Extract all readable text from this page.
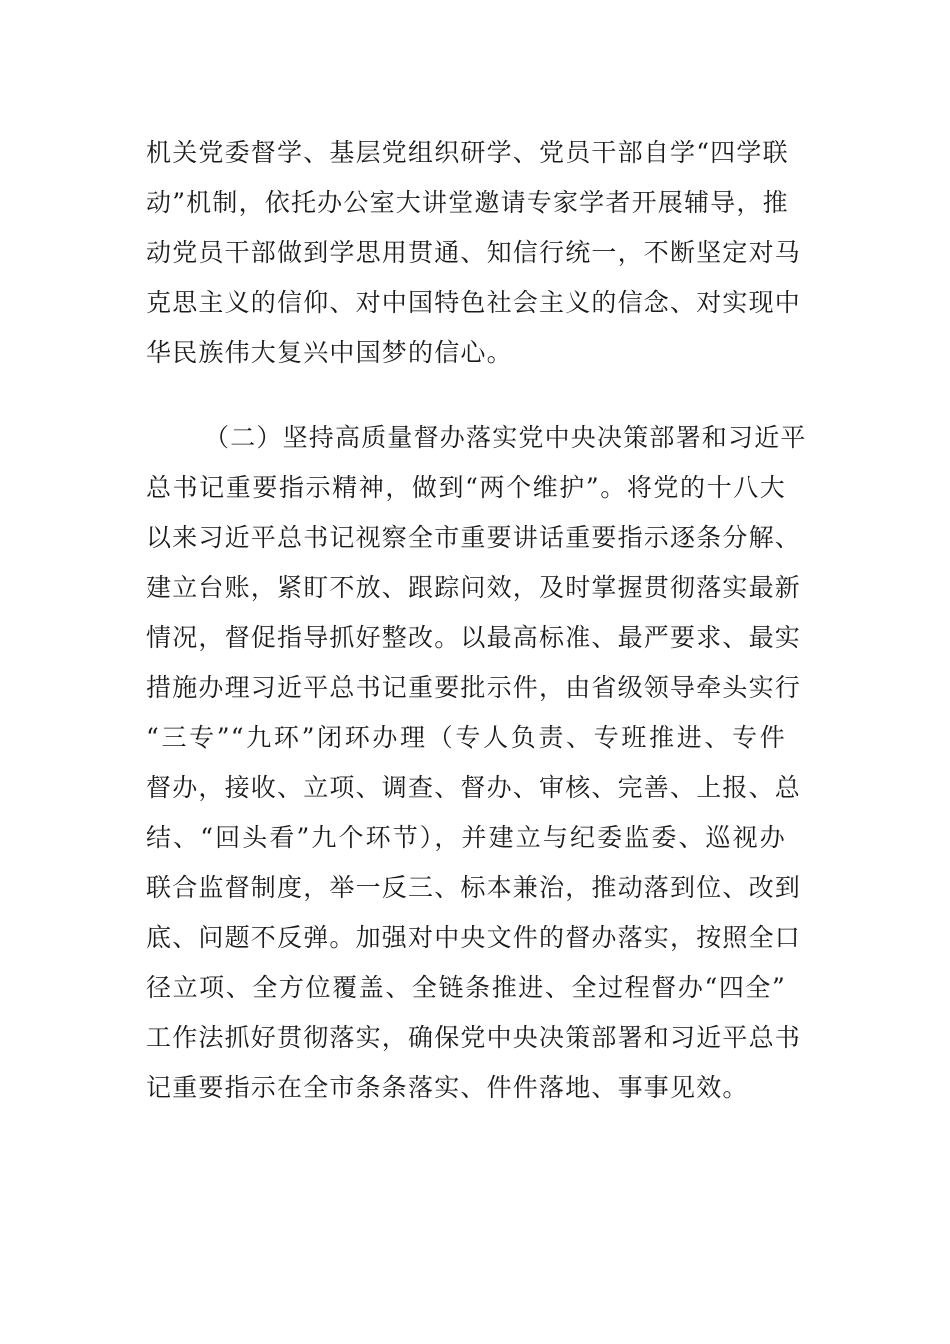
机关党委督学、基层党组织研学、党员干部自学“四学联
动”机制，依托办公室大讲堂邀请专家学者开展辅导，推
动党员干部做到学思用贯通、知信行统一，不断坚定对马
克思主义的信仰、对中国特色社会主义的信念、对实现中
华民族伟大复兴中国梦的信心。
（二）坚持高质量督办落实党中央决策部署和习近平
总书记重要指示精神，做到“两个维护”。将党的十八大
以来习近平总书记视察全市重要讲话重要指示逐条分解、
建立台账，紧盯不放、跟踪问效，及时掌握贯彻落实最新
情况，督促指导抓好整改。以最高标准、最严要求、最实
措施办理习近平总书记重要批示件，由省级领导牵头实行
“三专”“九环”闭环办理（专人负责、专班推进、专件
督办，接收、立项、调查、督办、审核、完善、上报、总
结、“回头看”九个环节），并建立与纪委监委、巡视办
联合监督制度，举一反三、标本兼治，推动落到位、改到
底、问题不反弹。加强对中央文件的督办落实，按照全口
径立项、全方位覆盖、全链条推进、全过程督办“四全”
工作法抓好贯彻落实，确保党中央决策部署和习近平总书
记重要指示在全市条条落实、件件落地、事事见效。
